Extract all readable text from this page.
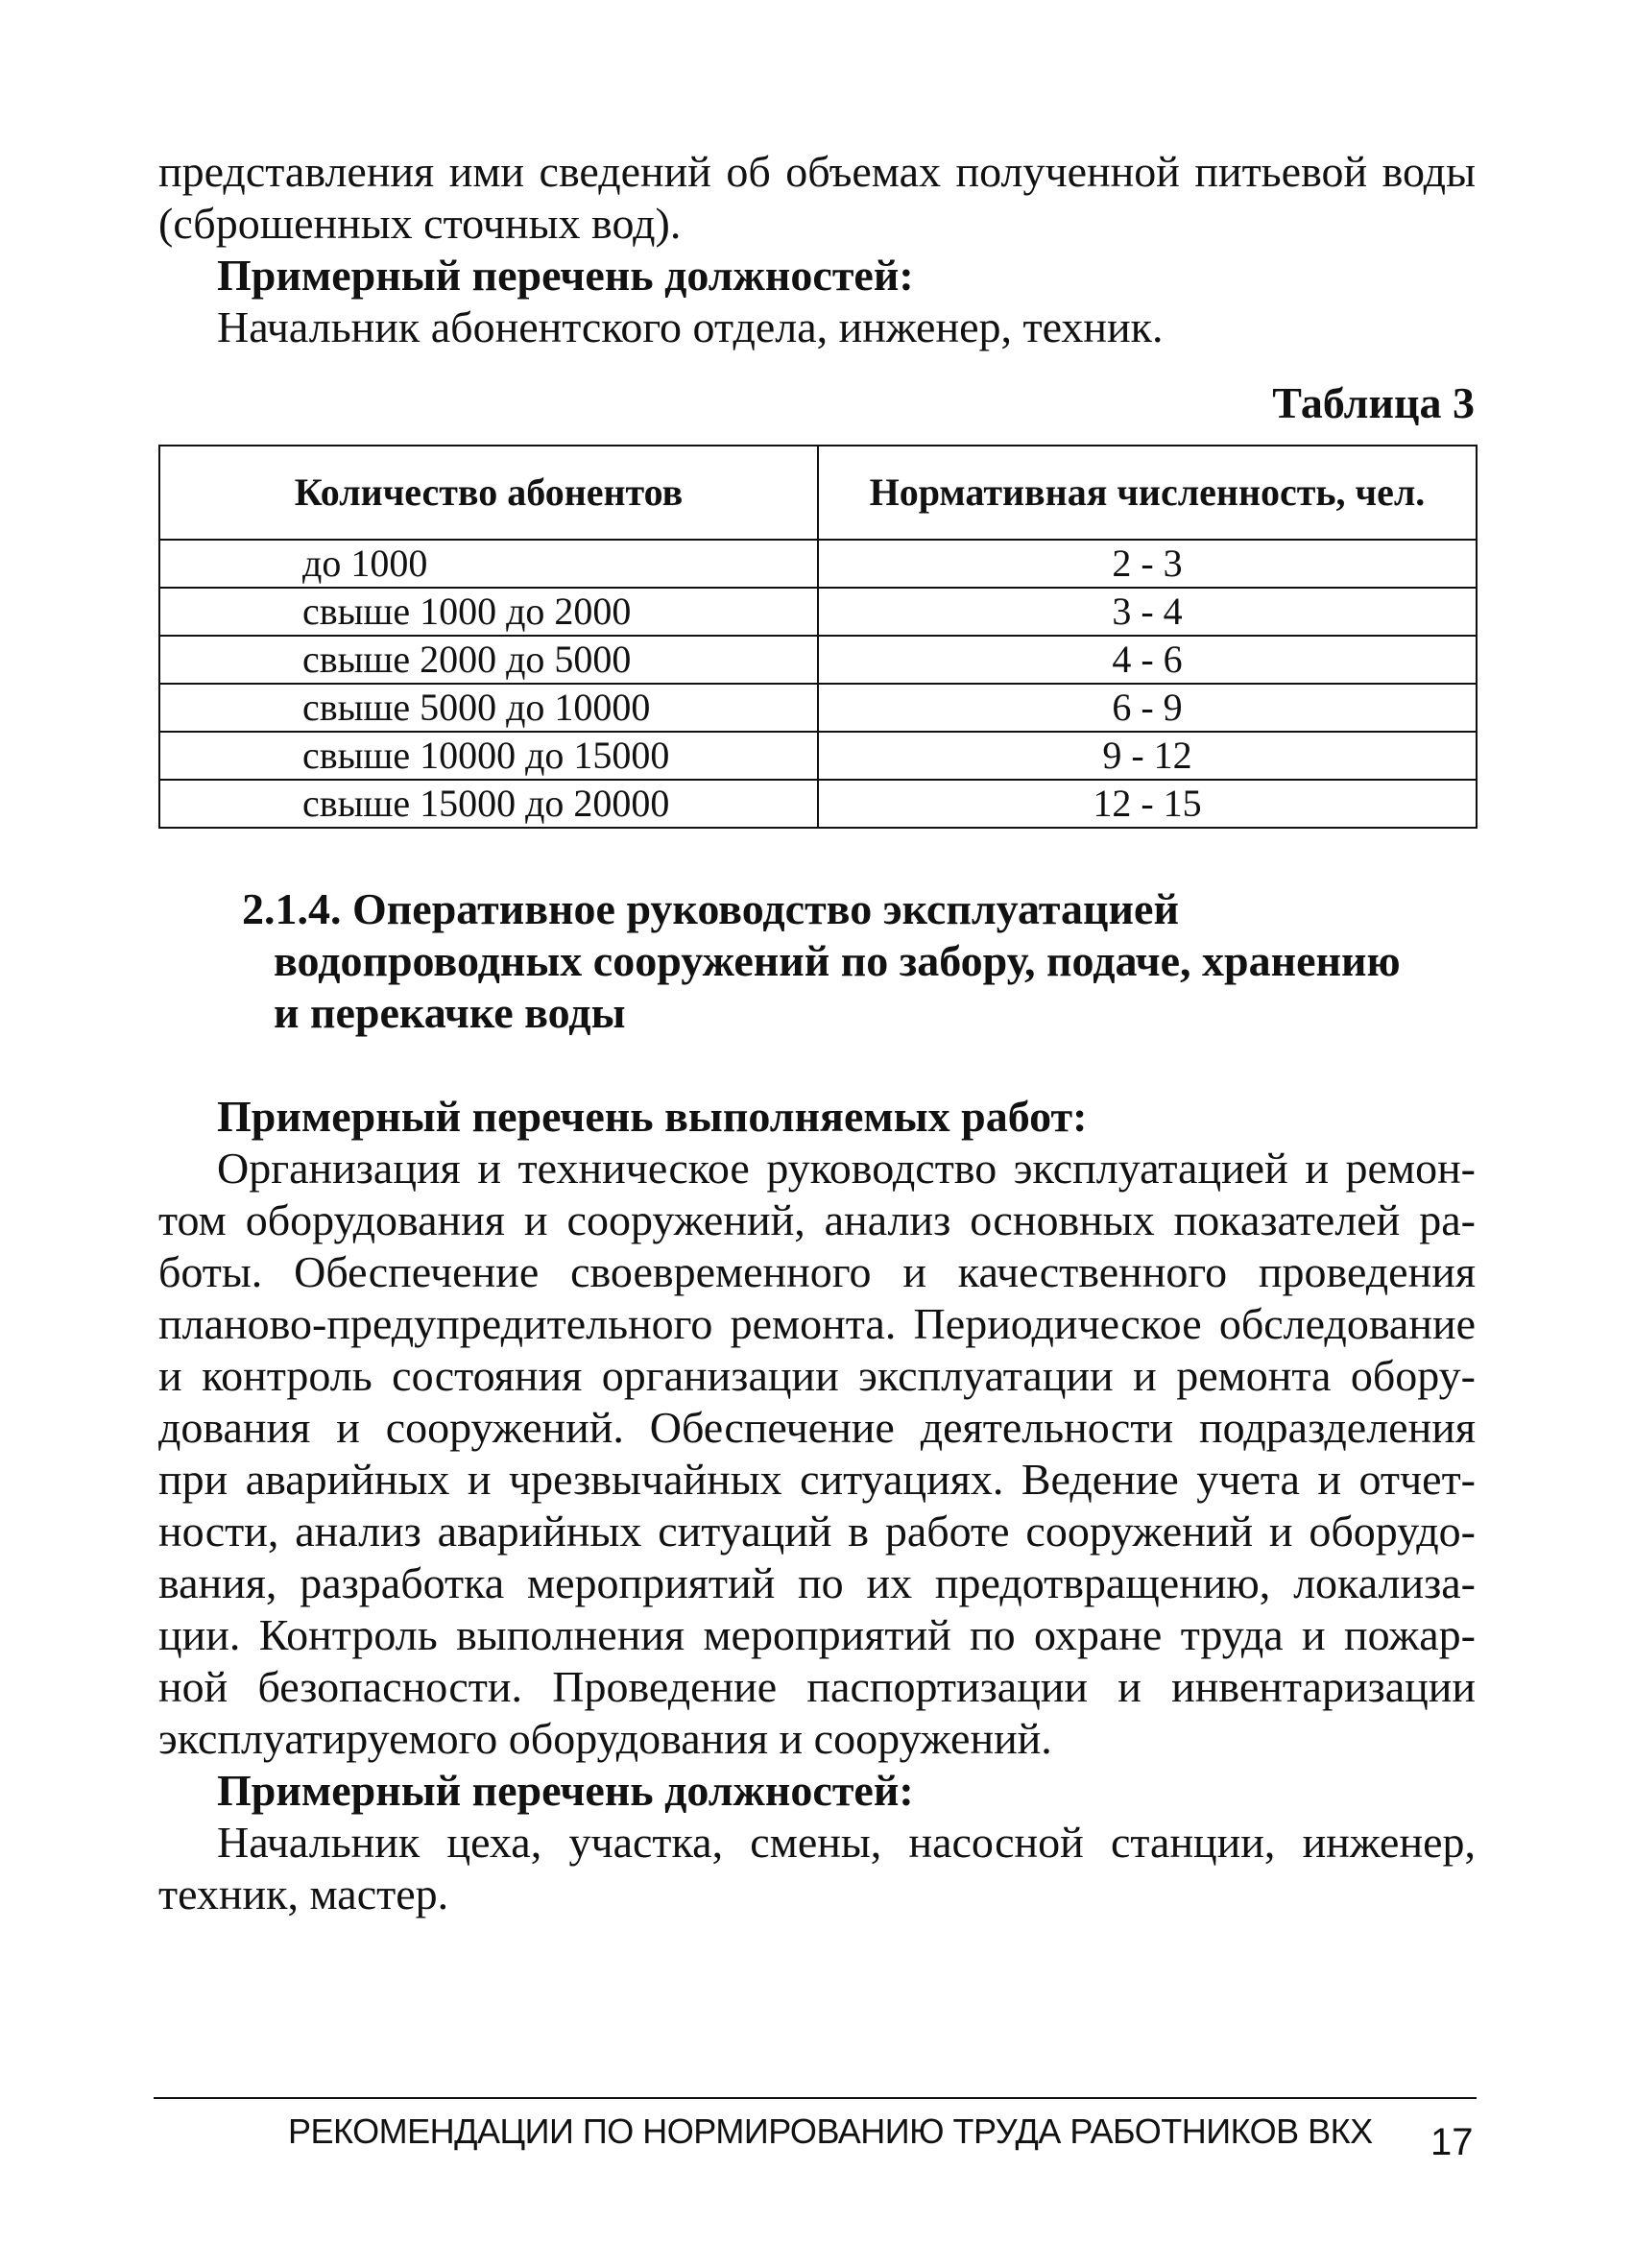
представления ими сведений об объемах полученной питьевой воды
(сброшенных сточных вод).
Примерный перечень должностей:
Начальник абонентского отдела, инженер, техник.
Таблица 3
Количество абонентов	Нормативная численность, чел.
до 1000	2 - 3
свыше 1000 до 2000	3 - 4
свыше 2000 до 5000	4 - 6
свыше 5000 до 10000	6 - 9
свыше 10000 до 15000	9 - 12
свыше 15000 до 20000	12 - 15
2.1.4. Оперативное руководство эксплуатацией
водопроводных сооружений по забору, подаче, хранению
и перекачке воды
Примерный перечень выполняемых работ:
Организация и техническое руководство эксплуатацией и ремон-
том оборудования и сооружений, анализ основных показателей ра-
боты. Обеспечение своевременного и качественного проведения
планово-предупредительного ремонта. Периодическое обследование
и контроль состояния организации эксплуатации и ремонта обору-
дования и сооружений. Обеспечение деятельности подразделения
при аварийных и чрезвычайных ситуациях. Ведение учета и отчет-
ности, анализ аварийных ситуаций в работе сооружений и оборудо-
вания, разработка мероприятий по их предотвращению, локализа-
ции. Контроль выполнения мероприятий по охране труда и пожар-
ной безопасности. Проведение паспортизации и инвентаризации
эксплуатируемого оборудования и сооружений.
Примерный перечень должностей:
Начальник цеха, участка, смены, насосной станции, инженер,
техник, мастер.
РЕКОМЕНДАЦИИ ПО НОРМИРОВАНИЮ ТРУДА РАБОТНИКОВ ВКХ 17
